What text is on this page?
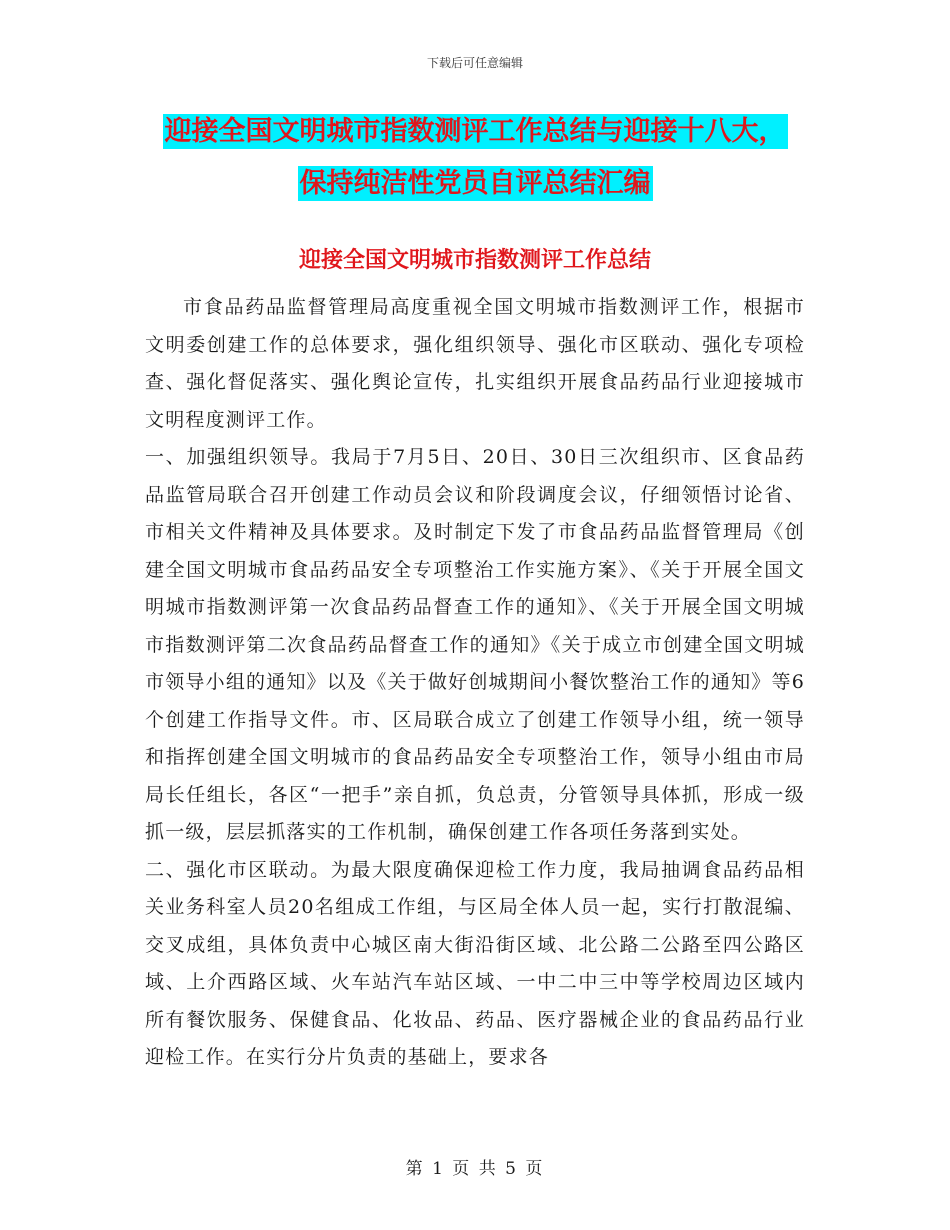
下载后可任意编辑
迎接全国文明城市指数测评工作总结与迎接十八大，
保持纯洁性党员自评总结汇编
迎接全国文明城市指数测评工作总结

市食品药品监督管理局高度重视全国文明城市指数测评工作，根据市文明委创建工作的总体要求，强化组织领导、强化市区联动、强化专项检查、强化督促落实、强化舆论宣传，扎实组织开展食品药品行业迎接城市文明程度测评工作。

一、加强组织领导。我局于7月5日、20日、30日三次组织市、区食品药品监管局联合召开创建工作动员会议和阶段调度会议，仔细领悟讨论省、市相关文件精神及具体要求。及时制定下发了市食品药品监督管理局《创建全国文明城市食品药品安全专项整治工作实施方案》、《关于开展全国文明城市指数测评第一次食品药品督查工作的通知》、《关于开展全国文明城市指数测评第二次食品药品督查工作的通知》《关于成立市创建全国文明城市领导小组的通知》以及《关于做好创城期间小餐饮整治工作的通知》等6个创建工作指导文件。市、区局联合成立了创建工作领导小组，统一领导和指挥创建全国文明城市的食品药品安全专项整治工作，领导小组由市局局长任组长，各区“一把手”亲自抓，负总责，分管领导具体抓，形成一级抓一级，层层抓落实的工作机制，确保创建工作各项任务落到实处。

二、强化市区联动。为最大限度确保迎检工作力度，我局抽调食品药品相关业务科室人员20名组成工作组，与区局全体人员一起，实行打散混编、交叉成组，具体负责中心城区南大街沿街区域、北公路二公路至四公路区域、上介西路区域、火车站汽车站区域、一中二中三中等学校周边区域内所有餐饮服务、保健食品、化妆品、药品、医疗器械企业的食品药品行业迎检工作。在实行分片负责的基础上，要求各

第 1 页 共 5 页
